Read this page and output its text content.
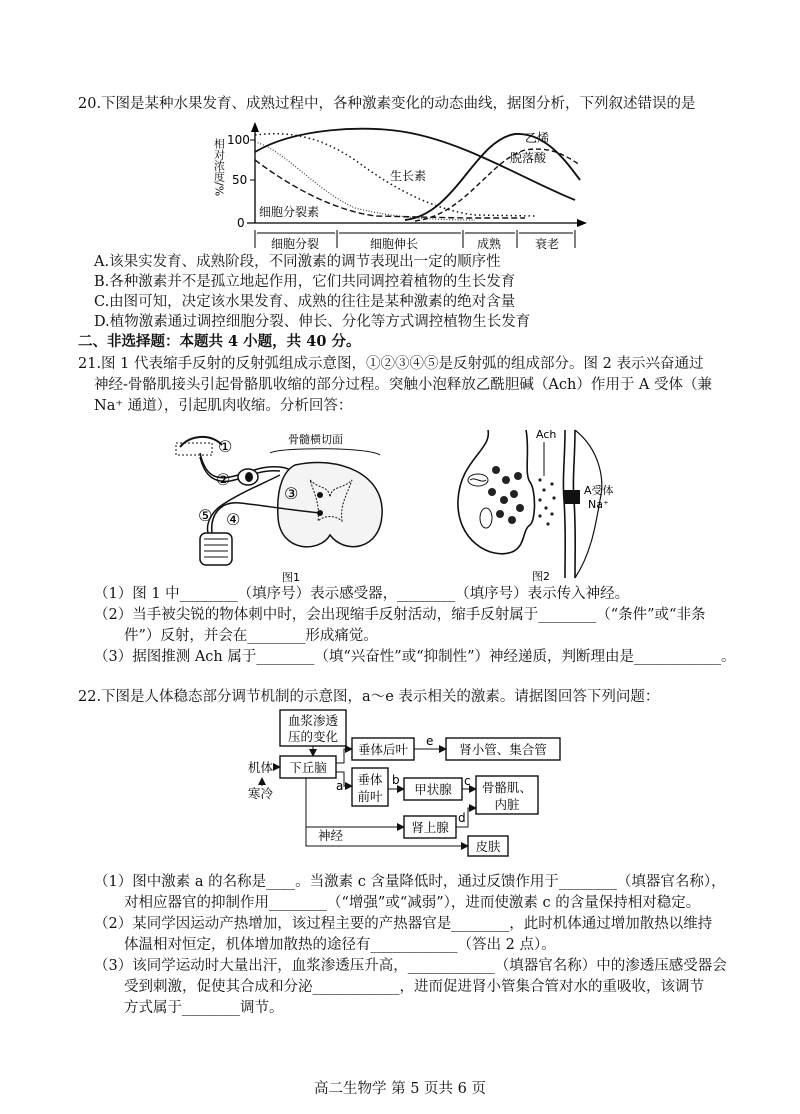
20.下图是某种水果发育、成熟过程中，各种激素变化的动态曲线，据图分析，下列叙述错误的是
相对浓度/% 100
50
0
乙烯
脱落酸
生长素
细胞分裂素
细胞分裂	细胞伸长	成熟	衰老
A.该果实发育、成熟阶段，不同激素的调节表现出一定的顺序性
B.各种激素并不是孤立地起作用，它们共同调控着植物的生长发育
C.由图可知，决定该水果发育、成熟的往往是某种激素的绝对含量
D.植物激素通过调控细胞分裂、伸长、分化等方式调控植物生长发育
二、非选择题：本题共 4 小题，共 40 分。
21.图 1 代表缩手反射的反射弧组成示意图，①②③④⑤是反射弧的组成部分。图 2 表示兴奋通过
神经-骨骼肌接头引起骨骼肌收缩的部分过程。突触小泡释放乙酰胆碱（Ach）作用于 A 受体（兼
Na⁺ 通道），引起肌肉收缩。分析回答：
①
②
骨髓横切面
③
④
⑤
图1
Ach
A受体
Na⁺
图2
（1）图 1 中________（填序号）表示感受器，________（填序号）表示传入神经。
（2）当手被尖锐的物体刺中时，会出现缩手反射活动，缩手反射属于________（“条件”或“非条
件”）反射，并会在________形成痛觉。
（3）据图推测 Ach 属于________（填“兴奋性”或“抑制性”）神经递质，判断理由是____________。
22.下图是人体稳态部分调节机制的示意图，a～e 表示相关的激素。请据图回答下列问题：
血浆渗透
压的变化
下丘脑
机体
寒冷
垂体后叶	肾小管、集合管
e
垂体
前叶
a	甲状腺
b	骨骼肌、
内脏
c
肾上腺
d
皮肤
神经
（1）图中激素 a 的名称是____。当激素 c 含量降低时，通过反馈作用于________（填器官名称），
对相应器官的抑制作用________（“增强”或“减弱”），进而使激素 c 的含量保持相对稳定。
（2）某同学因运动产热增加，该过程主要的产热器官是________，此时机体通过增加散热以维持
体温相对恒定，机体增加散热的途径有____________（答出 2 点）。
（3）该同学运动时大量出汗，血浆渗透压升高，____________（填器官名称）中的渗透压感受器会
受到刺激，促使其合成和分泌____________，进而促进肾小管集合管对水的重吸收，该调节
方式属于________调节。
高二生物学 第 5 页共 6 页
